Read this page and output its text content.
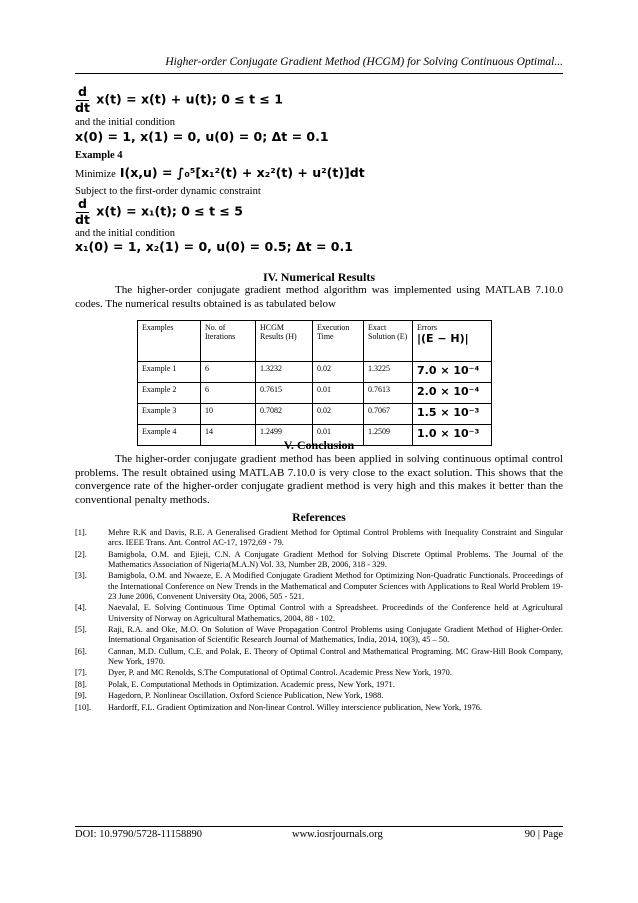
Higher-order Conjugate Gradient Method (HCGM) for Solving Continuous Optimal...
$\frac{d}{dt} x(t) = x(t) + u(t)$; 0 ≤ t ≤ 1
and the initial condition
x(0) = 1, x(1) = 0, u(0) = 0; Δt = 0.1
Example 4
Minimize I(x,u) = ∫₀⁵[x₁²(t) + x₂²(t) + u²(t)]dt
Subject to the first-order dynamic constraint
$\frac{d}{dt} x(t) = x_1(t)$; 0 ≤ t ≤ 5
and the initial condition
x₁(0) = 1, x₂(1) = 0, u(0) = 0.5; Δt = 0.1
IV. Numerical Results
The higher-order conjugate gradient method algorithm was implemented using MATLAB 7.10.0 codes. The numerical results obtained is as tabulated below
Examples	No. of Iterations	HCGM Results (H)	Execution Time	Exact Solution (E)	Errors
|(E − H)|

Example 1	6	1.3232	0.02	1.3225	7.0 × 10⁻⁴
Example 2	6	0.7615	0.01	0.7613	2.0 × 10⁻⁴
Example 3	10	0.7082	0.02	0.7067	1.5 × 10⁻³
Example 4	14	1.2499	0.01	1.2509	1.0 × 10⁻³
V. Conclusion
The higher-order conjugate gradient method has been applied in solving continuous optimal control problems. The result obtained using MATLAB 7.10.0 is very close to the exact solution. This shows that the convergence rate of the higher-order conjugate gradient method is very high and this makes it better than the conventional penalty methods.
References
[1].	Mehre R.K and Davis, R.E. A Generalised Gradient Method for Optimal Control Problems with Inequality Constraint and Singular arcs. IEEE Trans. Ant. Control AC-17, 1972,69 - 79.
[2].	Bamigbola, O.M. and Ejieji, C.N. A Conjugate Gradient Method for Solving Discrete Optimal Problems. The Journal of the Mathematics Association of Nigeria(M.A.N) Vol. 33, Number 2B, 2006, 318 - 329.
[3].	Bamigbola, O.M. and Nwaeze, E. A Modified Conjugate Gradient Method for Optimizing Non-Quadratic Functionals. Proceedings of the International Conference on New Trends in the Mathematical and Computer Sciences with Applications to Real World Problem 19-23 June 2006, Convenent University Ota, 2006, 505 - 521.
[4].	Naevalal, E. Solving Continuous Time Optimal Control with a Spreadsheet. Proceedinds of the Conference held at Agricultural University of Norway on Agricultural Mathematics, 2004, 88 - 102.
[5].	Raji, R.A. and Oke, M.O. On Solution of Wave Propagation Control Problems using Conjugate Gradient Method of Higher-Order. International Organisation of Scientific Research Journal of Mathematics, India, 2014, 10(3), 45 – 50.
[6].	Cannan, M.D. Cullum, C.E. and Polak, E. Theory of Optimal Control and Mathematical Programing. MC Graw-Hill Book Company, New York, 1970.
[7].	Dyer, P. and MC Renolds, S.The Computational of Optimal Control. Academic Press New York, 1970.
[8].	Polak, E. Computational Methods in Optimization. Academic press, New York, 1971.
[9].	Hagedorn, P. Nonlinear Oscillation. Oxford Science Publication, New York, 1988.
[10].	Hardorff, F.L. Gradient Optimization and Non-linear Control. Willey interscience publication, New York, 1976.
DOI: 10.9790/5728-11158890	www.iosrjournals.org	90 | Page
